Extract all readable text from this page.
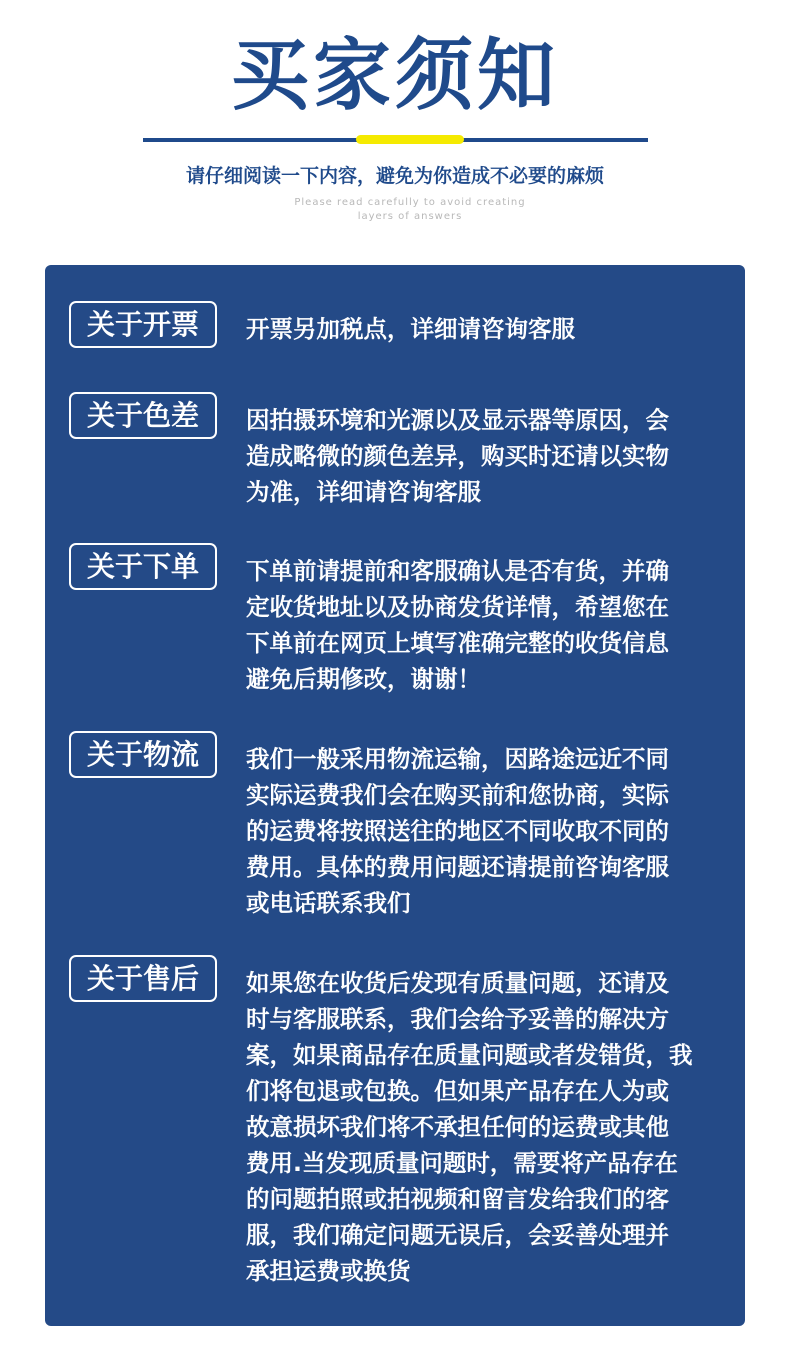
买家须知
请仔细阅读一下内容，避免为你造成不必要的麻烦
Please read carefully to avoid creating layers of answers
关于开票	开票另加税点，详细请咨询客服
关于色差	因拍摄环境和光源以及显示器等原因，会
造成略微的颜色差异，购买时还请以实物
为准，详细请咨询客服
关于下单	下单前请提前和客服确认是否有货，并确
定收货地址以及协商发货详情，希望您在
下单前在网页上填写准确完整的收货信息
避免后期修改，谢谢！
关于物流	我们一般采用物流运输，因路途远近不同
实际运费我们会在购买前和您协商，实际
的运费将按照送往的地区不同收取不同的
费用。具体的费用问题还请提前咨询客服
或电话联系我们
关于售后	如果您在收货后发现有质量问题，还请及
时与客服联系，我们会给予妥善的解决方
案，如果商品存在质量问题或者发错货，我
们将包退或包换。但如果产品存在人为或
故意损坏我们将不承担任何的运费或其他
费用.当发现质量问题时，需要将产品存在
的问题拍照或拍视频和留言发给我们的客
服，我们确定问题无误后，会妥善处理并
承担运费或换货
